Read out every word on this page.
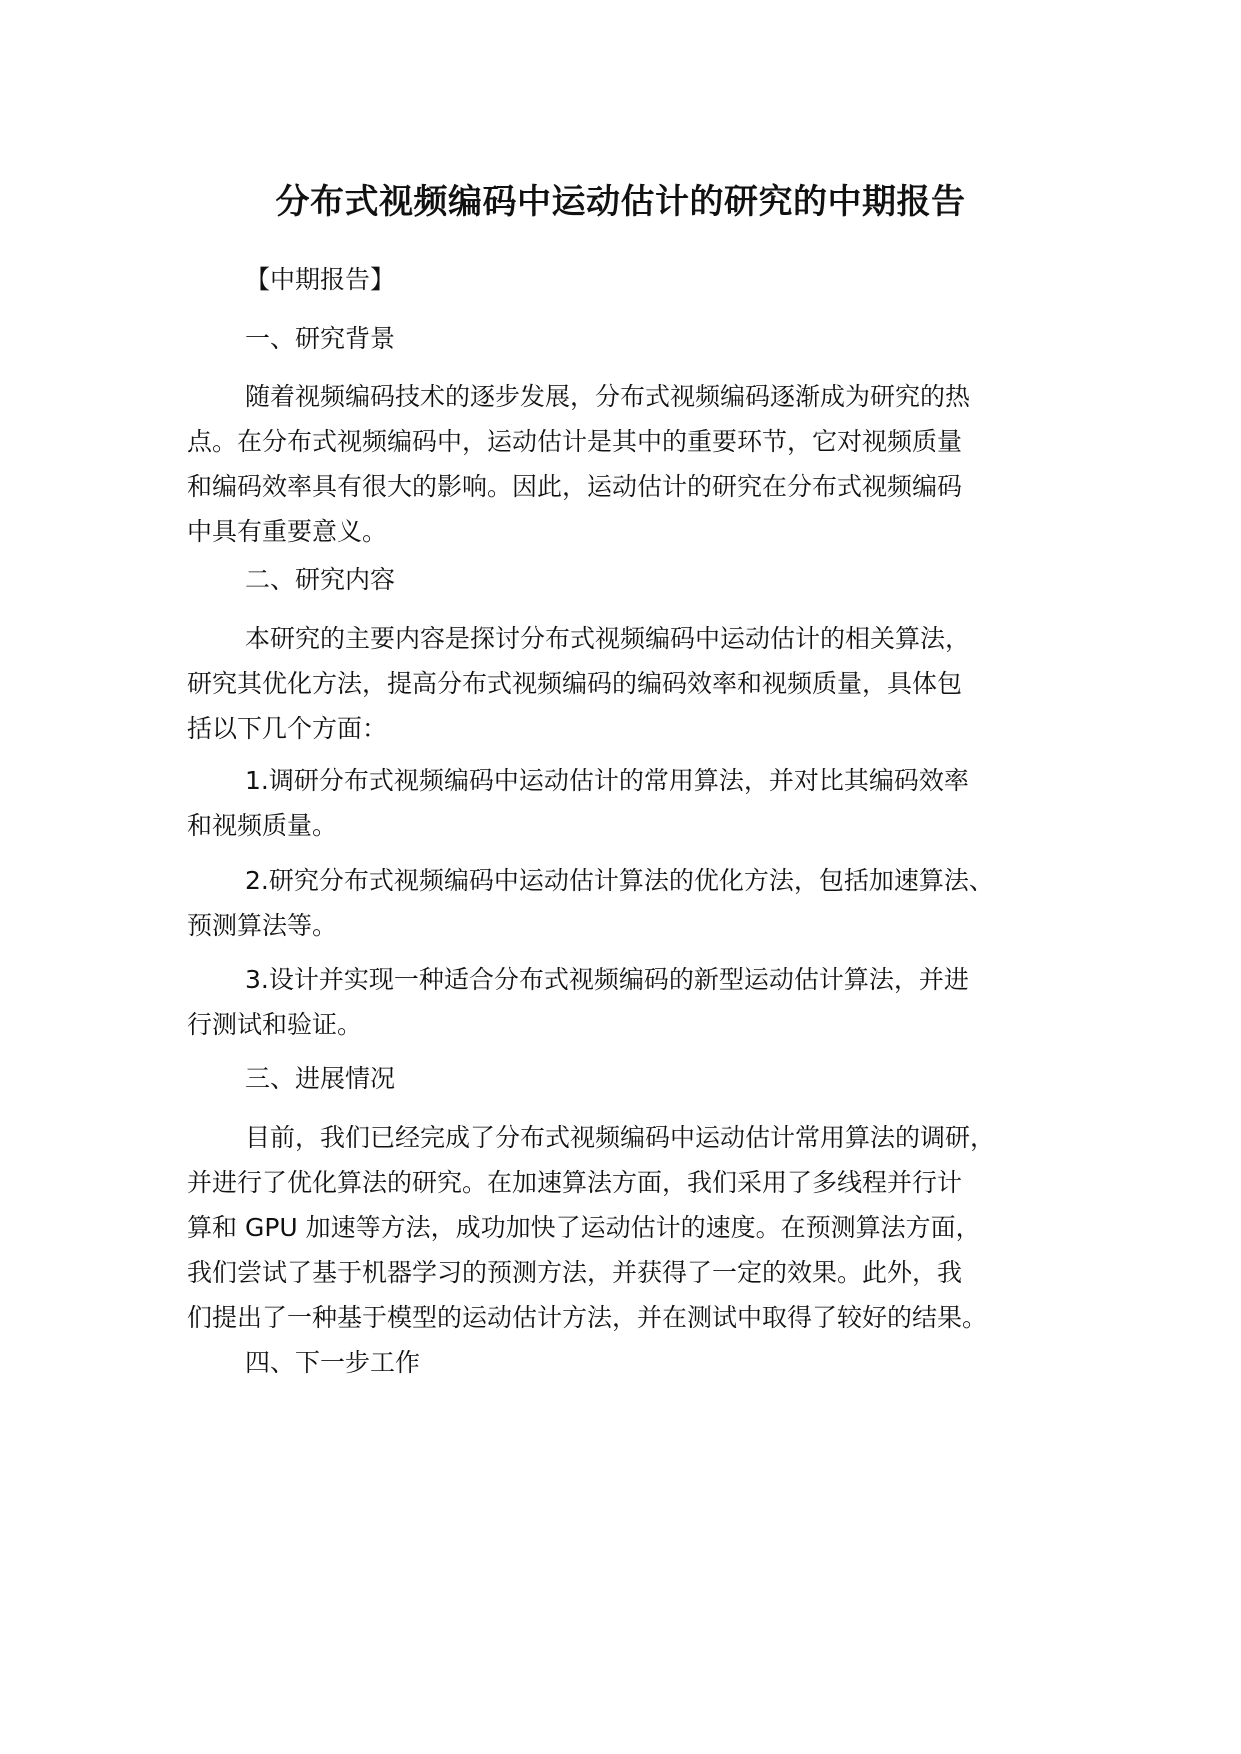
分布式视频编码中运动估计的研究的中期报告
【中期报告】
一、研究背景
随着视频编码技术的逐步发展，分布式视频编码逐渐成为研究的热
点。在分布式视频编码中，运动估计是其中的重要环节，它对视频质量
和编码效率具有很大的影响。因此，运动估计的研究在分布式视频编码
中具有重要意义。
二、研究内容
本研究的主要内容是探讨分布式视频编码中运动估计的相关算法，
研究其优化方法，提高分布式视频编码的编码效率和视频质量，具体包
括以下几个方面：
1.调研分布式视频编码中运动估计的常用算法，并对比其编码效率
和视频质量。
2.研究分布式视频编码中运动估计算法的优化方法，包括加速算法、
预测算法等。
3.设计并实现一种适合分布式视频编码的新型运动估计算法，并进
行测试和验证。
三、进展情况
目前，我们已经完成了分布式视频编码中运动估计常用算法的调研，
并进行了优化算法的研究。在加速算法方面，我们采用了多线程并行计
算和 GPU 加速等方法，成功加快了运动估计的速度。在预测算法方面，
我们尝试了基于机器学习的预测方法，并获得了一定的效果。此外，我
们提出了一种基于模型的运动估计方法，并在测试中取得了较好的结果。
四、下一步工作
